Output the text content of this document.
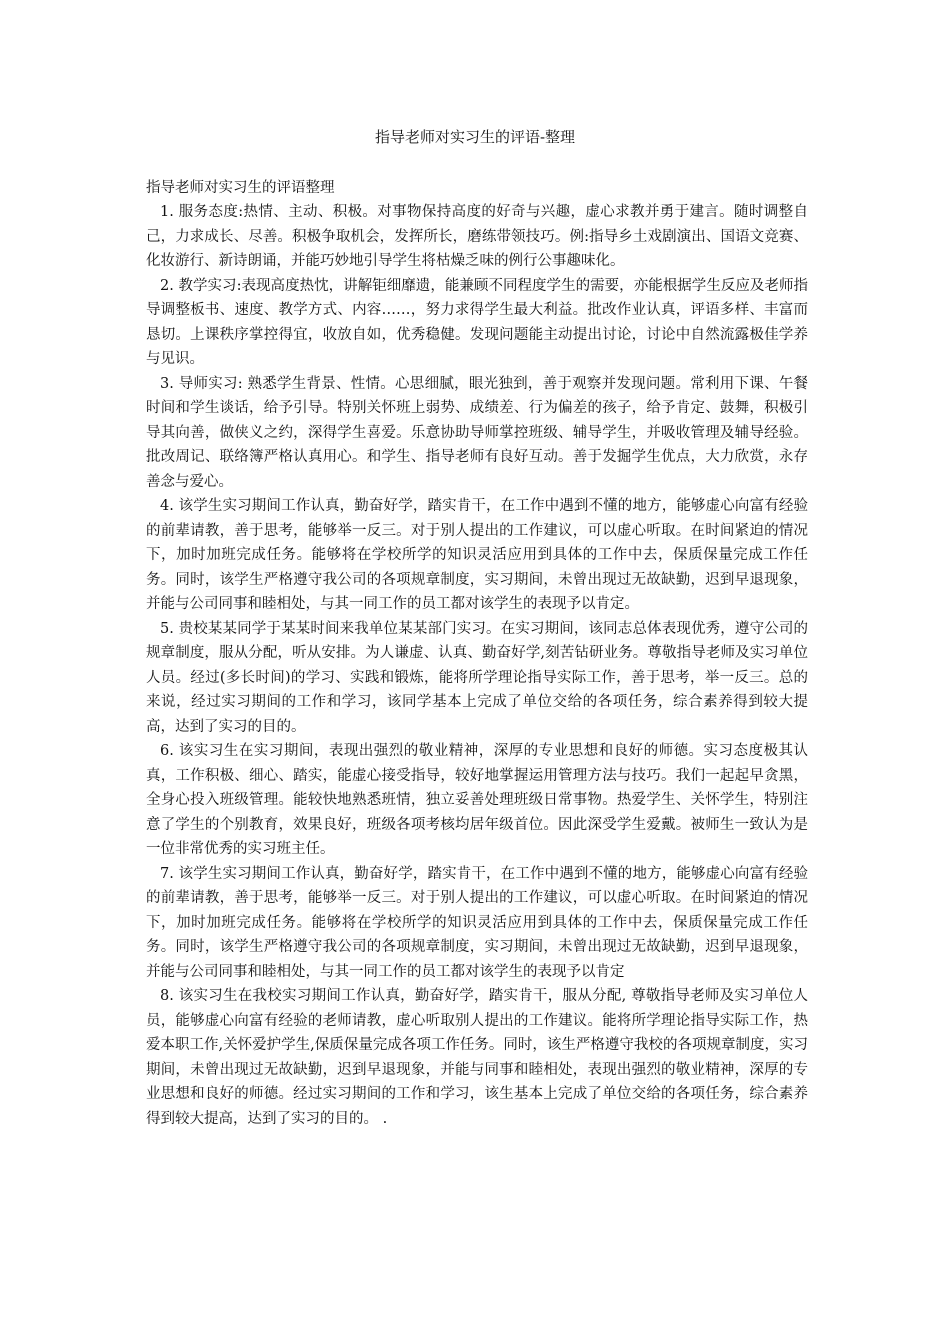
指导老师对实习生的评语-整理

指导老师对实习生的评语整理

1. 服务态度:热情、主动、积极。对事物保持高度的好奇与兴趣，虚心求教并勇于建言。随时调整自己，力求成长、尽善。积极争取机会，发挥所长，磨练带领技巧。例:指导乡土戏剧演出、国语文竞赛、化妆游行、新诗朗诵，并能巧妙地引导学生将枯燥乏味的例行公事趣味化。

2. 教学实习:表现高度热忱，讲解钜细靡遗，能兼顾不同程度学生的需要，亦能根据学生反应及老师指导调整板书、速度、教学方式、内容……，努力求得学生最大利益。批改作业认真，评语多样、丰富而恳切。上课秩序掌控得宜，收放自如，优秀稳健。发现问题能主动提出讨论，讨论中自然流露极佳学养与见识。

3. 导师实习: 熟悉学生背景、性情。心思细腻，眼光独到，善于观察并发现问题。常利用下课、午餐时间和学生谈话，给予引导。特别关怀班上弱势、成绩差、行为偏差的孩子，给予肯定、鼓舞，积极引导其向善，做侠义之约，深得学生喜爱。乐意协助导师掌控班级、辅导学生，并吸收管理及辅导经验。批改周记、联络簿严格认真用心。和学生、指导老师有良好互动。善于发掘学生优点，大力欣赏，永存善念与爱心。

4. 该学生实习期间工作认真，勤奋好学，踏实肯干，在工作中遇到不懂的地方，能够虚心向富有经验的前辈请教，善于思考，能够举一反三。对于别人提出的工作建议，可以虚心听取。在时间紧迫的情况下，加时加班完成任务。能够将在学校所学的知识灵活应用到具体的工作中去，保质保量完成工作任务。同时，该学生严格遵守我公司的各项规章制度，实习期间，未曾出现过无故缺勤，迟到早退现象，并能与公司同事和睦相处，与其一同工作的员工都对该学生的表现予以肯定。

5. 贵校某某同学于某某时间来我单位某某部门实习。在实习期间，该同志总体表现优秀，遵守公司的规章制度，服从分配，听从安排。为人谦虚、认真、勤奋好学,刻苦钻研业务。尊敬指导老师及实习单位人员。经过(多长时间)的学习、实践和锻炼，能将所学理论指导实际工作，善于思考，举一反三。总的来说，经过实习期间的工作和学习，该同学基本上完成了单位交给的各项任务，综合素养得到较大提高，达到了实习的目的。

6. 该实习生在实习期间，表现出强烈的敬业精神，深厚的专业思想和良好的师德。实习态度极其认真，工作积极、细心、踏实，能虚心接受指导，较好地掌握运用管理方法与技巧。我们一起起早贪黑，全身心投入班级管理。能较快地熟悉班情，独立妥善处理班级日常事物。热爱学生、关怀学生，特别注意了学生的个别教育，效果良好，班级各项考核均居年级首位。因此深受学生爱戴。被师生一致认为是一位非常优秀的实习班主任。

7. 该学生实习期间工作认真，勤奋好学，踏实肯干，在工作中遇到不懂的地方，能够虚心向富有经验的前辈请教，善于思考，能够举一反三。对于别人提出的工作建议，可以虚心听取。在时间紧迫的情况下，加时加班完成任务。能够将在学校所学的知识灵活应用到具体的工作中去，保质保量完成工作任务。同时，该学生严格遵守我公司的各项规章制度，实习期间，未曾出现过无故缺勤，迟到早退现象，并能与公司同事和睦相处，与其一同工作的员工都对该学生的表现予以肯定

8. 该实习生在我校实习期间工作认真，勤奋好学，踏实肯干，服从分配, 尊敬指导老师及实习单位人员，能够虚心向富有经验的老师请教，虚心听取别人提出的工作建议。能将所学理论指导实际工作，热爱本职工作,关怀爱护学生,保质保量完成各项工作任务。同时，该生严格遵守我校的各项规章制度，实习期间，未曾出现过无故缺勤，迟到早退现象，并能与同事和睦相处，表现出强烈的敬业精神，深厚的专业思想和良好的师德。经过实习期间的工作和学习，该生基本上完成了单位交给的各项任务，综合素养得到较大提高，达到了实习的目的。 .
